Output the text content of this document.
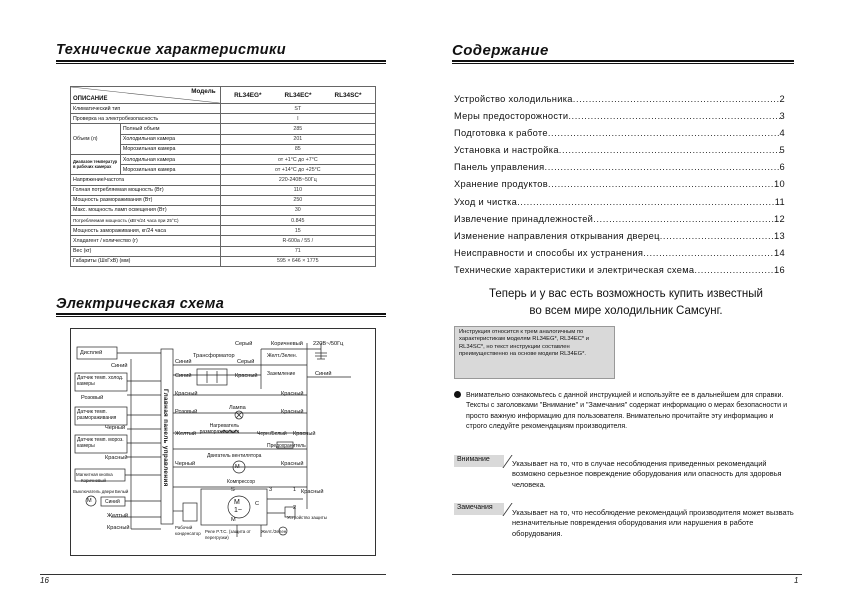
Технические характеристики
Модель
ОПИСАНИЕ		RL34EG* RL34EC* RL34SC*

Климатический тип		ST
Проверка на электробезопасность		I
Объем (л)	Полный объем	285
	Холодильная камера	201
	Морозильная камера	85
Диапазон температур в рабочих камерах	Холодильная камера	от +1°C до +7°C
	Морозильная камера	от +14°C до +25°C
Напряжение/частота		220-240В~50Гц
Голная потребляемая мощность (Вт)		110
Мощность размораживания (Вт)		250
Макс. мощность ламп освещения (Вт)		30
Потребляемая мощность (кВтч/24 часа при 25°C)		0.845
Мощность замораживания, кг/24 часа		15
Хладагент / количество (г)		R-600a / 55 /
Вес (кг)		71
Габариты (ШхГхВ) (мм)		595 × 646 × 1775
Электрическая схема
Дисплей
Главная панель управления
Синий
Датчик темп. холод. камеры
Розовый
Датчик темп. размораживания
Черный
Датчик темп. мороз. камеры
Красный
Магнитная кнопка
Коричневый
Выключатель двери Белый
M	Синий
Желтый
Красный
Серый	Коричневый 220В~/50Гц
Трансформатор	Желт./Зелен.
Синий	Серый
Заземление	Синий
Синий	Красный
Красный	Красный
Лампа
Розовый	Красный
Нагреватель размораживания
Желтый	Черн./Белый Красный
Предохранитель
Двигатель вентилятора
Черный	M	Красный
Компрессор
S	3	1 Красный
M
1~
C
M
2
Устройство защиты
Рабочий конденсатор Реле P.T.C. (защита от перегрузки)
Желт./Зелен.
16
Содержание
Устройство холодильника .....	2
Меры предосторожности .....	3
Подготовка к работе .....	4
Установка и настройка .....	5
Панель управления .....	6
Хранение продуктов .....	10
Уход и чистка .....	11
Извлечение принадлежностей .....	12
Изменение направления открывания дверец .....	13
Неисправности и способы их устранения .....	14
Технические характеристики и электрическая схема .....	16
Теперь и у вас есть возможность купить известный
во всем мире холодильник Самсунг.
Инструкция относится к трем аналогичным по характеристикам моделям RL34EG*, RL34EC* и RL34SC*, но текст инструкции составлен преимущественно на основе модели RL34EG*.
Внимательно ознакомьтесь с данной инструкцией и используйте ее в дальнейшем для справки. Тексты с заголовками "Внимание" и "Замечания" содержат информацию о мерах безопасности и просто важную информацию для пользователя. Внимательно прочитайте эту информацию и строго следуйте рекомендациям производителя.
Внимание	Указывает на то, что в случае несоблюдения приведенных рекомендаций возможно серьезное повреждение оборудования или опасность для здоровья человека.
Замечания
Указывает на то, что несоблюдение рекомендаций производителя может вызвать незначительные повреждения оборудования или нарушения в работе оборудования.
1
